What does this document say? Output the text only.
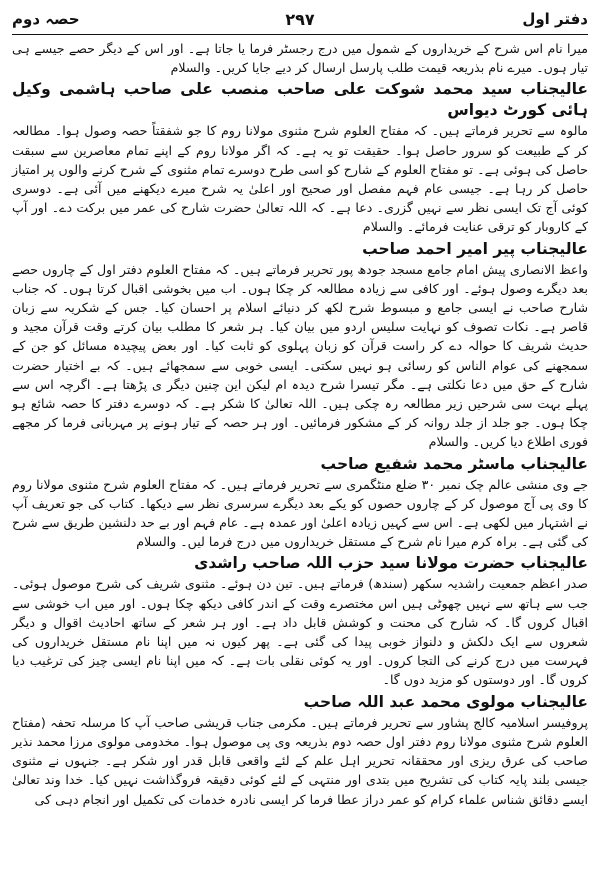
دفتر اول
۲۹۷
حصہ دوم

میرا نام اس شرح کے خریداروں کے شمول میں درج رجسٹر فرما یا جاتا ہے۔ اور اس کے دیگر حصے جیسے ہی تیار ہوں۔ میرے نام بذریعہ قیمت طلب پارسل ارسال کر دیے جایا کریں۔ والسلام

عالیجناب سید محمد شوکت علی صاحب منصب علی صاحب ہاشمی وکیل ہائی کورٹ دیواس

مالوہ سے تحریر فرماتے ہیں۔ کہ مفتاح العلوم شرح مثنوی مولانا روم کا جو شفقتاً حصہ وصول ہوا۔ مطالعہ کر کے طبیعت کو سرور حاصل ہوا۔ حقیقت تو یہ ہے۔ کہ اگر مولانا روم کے اپنے تمام معاصرین سے سبقت حاصل کی ہوئی ہے۔ تو مفتاح العلوم کے شارح کو اسی طرح دوسرے تمام مثنوی کے شرح کرنے والوں پر امتیاز حاصل کر رہا ہے۔ جیسی عام فہم مفصل اور صحیح اور اعلیٰ یہ شرح میرے دیکھنے میں آئی ہے۔ دوسری کوئی آج تک ایسی نظر سے نہیں گزری۔ دعا ہے۔ کہ اللہ تعالیٰ حضرت شارح کی عمر میں برکت دے۔ اور آپ کے کاروبار کو ترقی عنایت فرمائے۔ والسلام

عالیجناب پیر امیر احمد صاحب

واعظ الانصاری پیش امام جامع مسجد جودھ پور تحریر فرماتے ہیں۔ کہ مفتاح العلوم دفتر اول کے چاروں حصے بعد دیگرے وصول ہوئے۔ اور کافی سے زیادہ مطالعہ کر چکا ہوں۔ اب میں بخوشی اقبال کرتا ہوں۔ کہ جناب شارح صاحب نے ایسی جامع و مبسوط شرح لکھ کر دنیائے اسلام پر احسان کیا۔ جس کے شکریہ سے زبان قاصر ہے۔ نکات تصوف کو نہایت سلیس اردو میں بیان کیا۔ ہر شعر کا مطلب بیان کرتے وقت قرآن مجید و حدیث شریف کا حوالہ دے کر راست قرآن کو زبان پہلوی کو ثابت کیا۔ اور بعض پیچیدہ مسائل کو جن کے سمجھنے کی عوام الناس کو رسائی ہو نہیں سکتی۔ ایسی خوبی سے سمجھائے ہیں۔ کہ بے اختیار حضرت شارح کے حق میں دعا نکلتی ہے۔ مگر تیسرا شرح دیدہ ام لیکن این چنین دیگر ی پڑھتا ہے۔ اگرچہ اس سے پہلے بہت سی شرحیں زیر مطالعہ رہ چکی ہیں۔ اللہ تعالیٰ کا شکر ہے۔ کہ دوسرے دفتر کا حصہ شائع ہو چکا ہوں۔ جو جلد از جلد روانہ کر کے مشکور فرمائیں۔ اور ہر حصہ کے تیار ہونے پر مہربانی فرما کر مجھے فوری اطلاع دیا کریں۔ والسلام

عالیجناب ماسٹر محمد شفیع صاحب

جے وی منشی عالم چک نمبر ۳۰ ضلع منٹگمری سے تحریر فرماتے ہیں۔ کہ مفتاح العلوم شرح مثنوی مولانا روم کا وی پی آج موصول کر کے چاروں حصوں کو یکے بعد دیگرے سرسری نظر سے دیکھا۔ کتاب کی جو تعریف آپ نے اشتہار میں لکھی ہے۔ اس سے کہیں زیادہ اعلیٰ اور عمدہ ہے۔ عام فہم اور بے حد دلنشین طریق سے شرح کی گئی ہے۔ براہ کرم میرا نام شرح کے مستقل خریداروں میں درج فرما لیں۔ والسلام

عالیجناب حضرت مولانا سید حزب اللہ صاحب راشدی

صدر اعظم جمعیت راشدیہ سکھر (سندھ) فرماتے ہیں۔ تین دن ہوئے۔ مثنوی شریف کی شرح موصول ہوئی۔ جب سے ہاتھ سے نہیں چھوٹی ہیں اس مختصرے وقت کے اندر کافی دیکھ چکا ہوں۔ اور میں اب خوشی سے اقبال کروں گا۔ کہ شارح کی محنت و کوشش قابل داد ہے۔ اور ہر شعر کے ساتھ احادیث اقوال و دیگر شعروں سے ایک دلکش و دلنواز خوبی پیدا کی گئی ہے۔ پھر کیوں نہ میں اپنا نام مستقل خریداروں کی فہرست میں درج کرنے کی التجا کروں۔ اور یہ کوئی نقلی بات ہے۔ کہ میں اپنا نام ایسی چیز کی ترغیب دیا کروں گا۔ اور دوستوں کو مزید دوں گا۔

عالیجناب مولوی محمد عبد اللہ صاحب

پروفیسر اسلامیہ کالج پشاور سے تحریر فرماتے ہیں۔ مکرمی جناب قریشی صاحب آپ کا مرسلہ تحفہ (مفتاح العلوم شرح مثنوی مولانا روم دفتر اول حصہ دوم بذریعہ وی پی موصول ہوا۔ مخدومی مولوی مرزا محمد نذیر صاحب کی عرق ریزی اور محققانہ تحریر اہل علم کے لئے واقعی قابل قدر اور شکر ہے۔ جنہوں نے مثنوی جیسی بلند پایہ کتاب کی تشریح میں بتدی اور منتہی کے لئے کوئی دقیقہ فروگذاشت نہیں کیا۔ خدا وند تعالیٰ ایسے دقائق شناس علماء کرام کو عمر دراز عطا فرما کر ایسی نادرہ خدمات کی تکمیل اور انجام دہی کی
